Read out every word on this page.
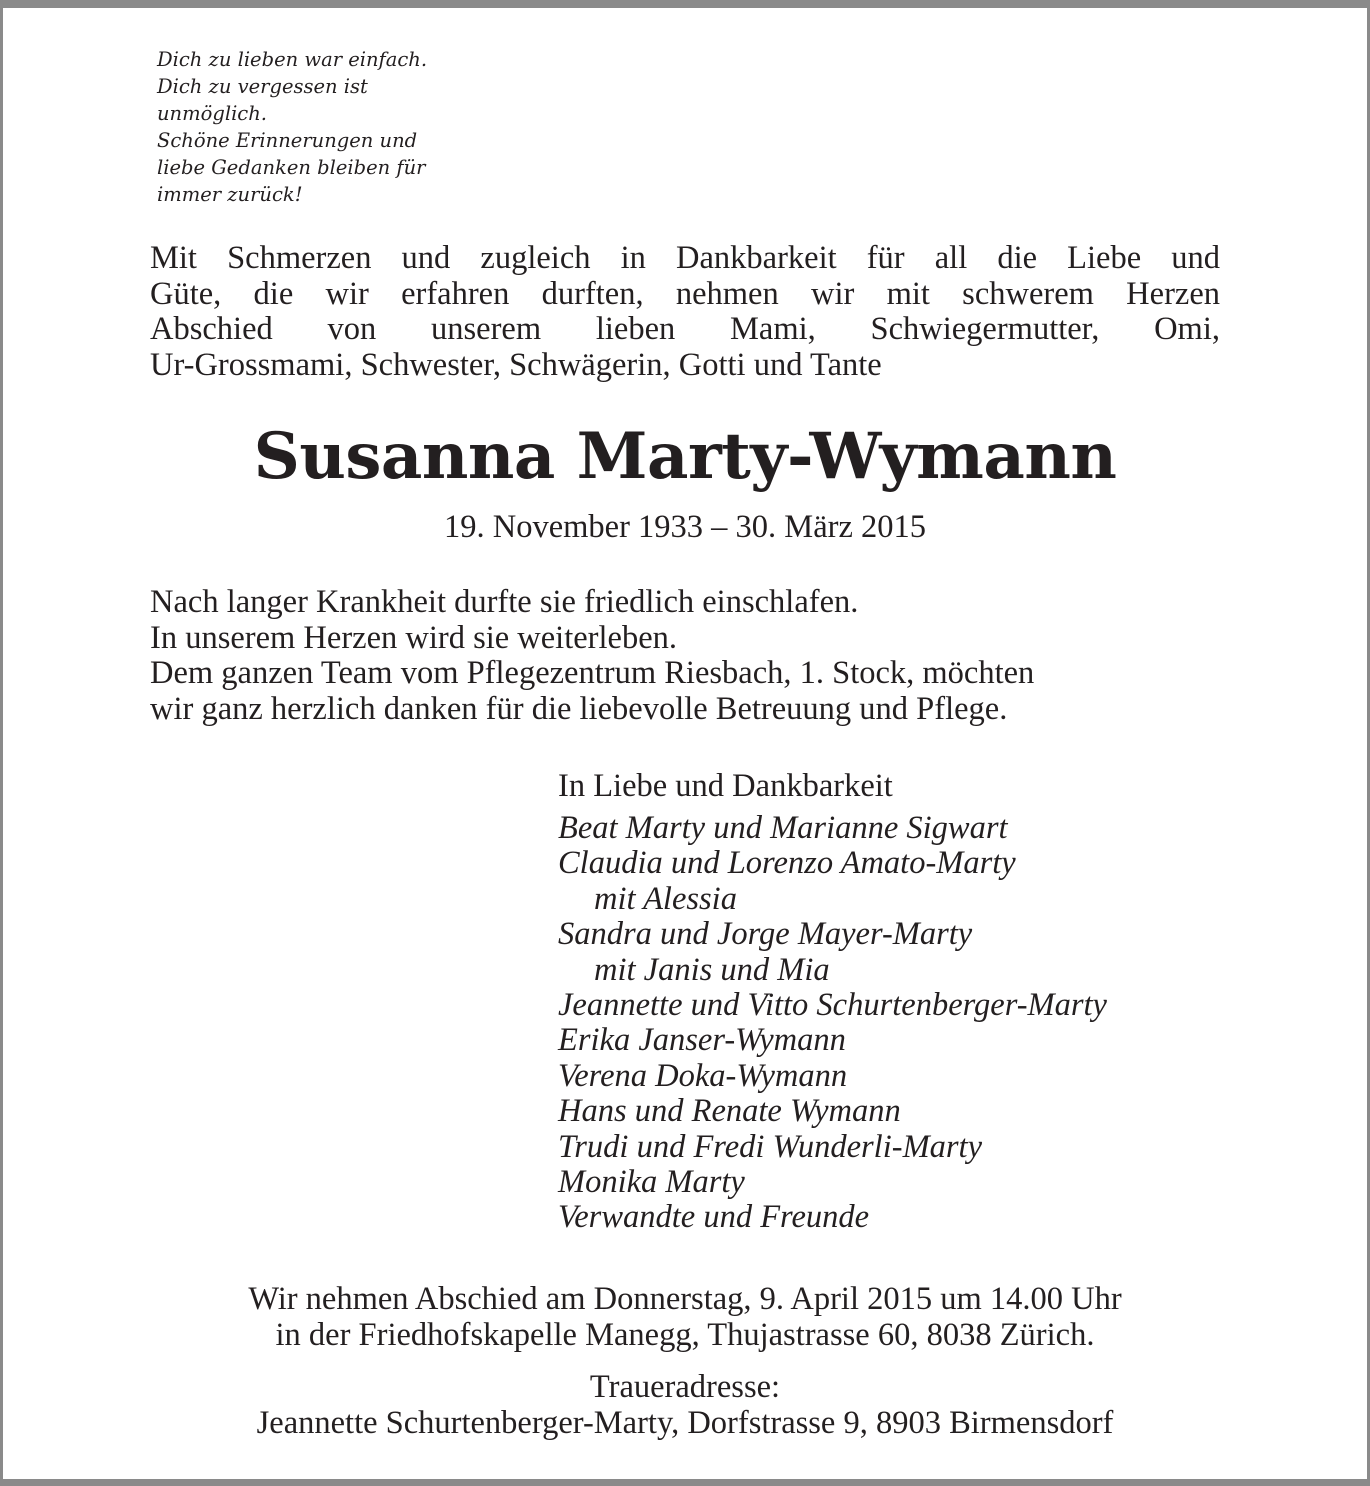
Dich zu lieben war einfach.
Dich zu vergessen ist
unmöglich.
Schöne Erinnerungen und
liebe Gedanken bleiben für
immer zurück!

Mit Schmerzen und zugleich in Dankbarkeit für all die Liebe und
Güte, die wir erfahren durften, nehmen wir mit schwerem Herzen
Abschied von unserem lieben Mami, Schwiegermutter, Omi,
Ur-Grossmami, Schwester, Schwägerin, Gotti und Tante

Susanna Marty-Wymann

19. November 1933 – 30. März 2015

Nach langer Krankheit durfte sie friedlich einschlafen.
In unserem Herzen wird sie weiterleben.
Dem ganzen Team vom Pflegezentrum Riesbach, 1. Stock, möchten
wir ganz herzlich danken für die liebevolle Betreuung und Pflege.

In Liebe und Dankbarkeit

Beat Marty und Marianne Sigwart
Claudia und Lorenzo Amato-Marty
mit Alessia
Sandra und Jorge Mayer-Marty
mit Janis und Mia
Jeannette und Vitto Schurtenberger-Marty
Erika Janser-Wymann
Verena Doka-Wymann
Hans und Renate Wymann
Trudi und Fredi Wunderli-Marty
Monika Marty
Verwandte und Freunde

Wir nehmen Abschied am Donnerstag, 9. April 2015 um 14.00 Uhr
in der Friedhofskapelle Manegg, Thujastrasse 60, 8038 Zürich.

Traueradresse:
Jeannette Schurtenberger-Marty, Dorfstrasse 9, 8903 Birmensdorf
